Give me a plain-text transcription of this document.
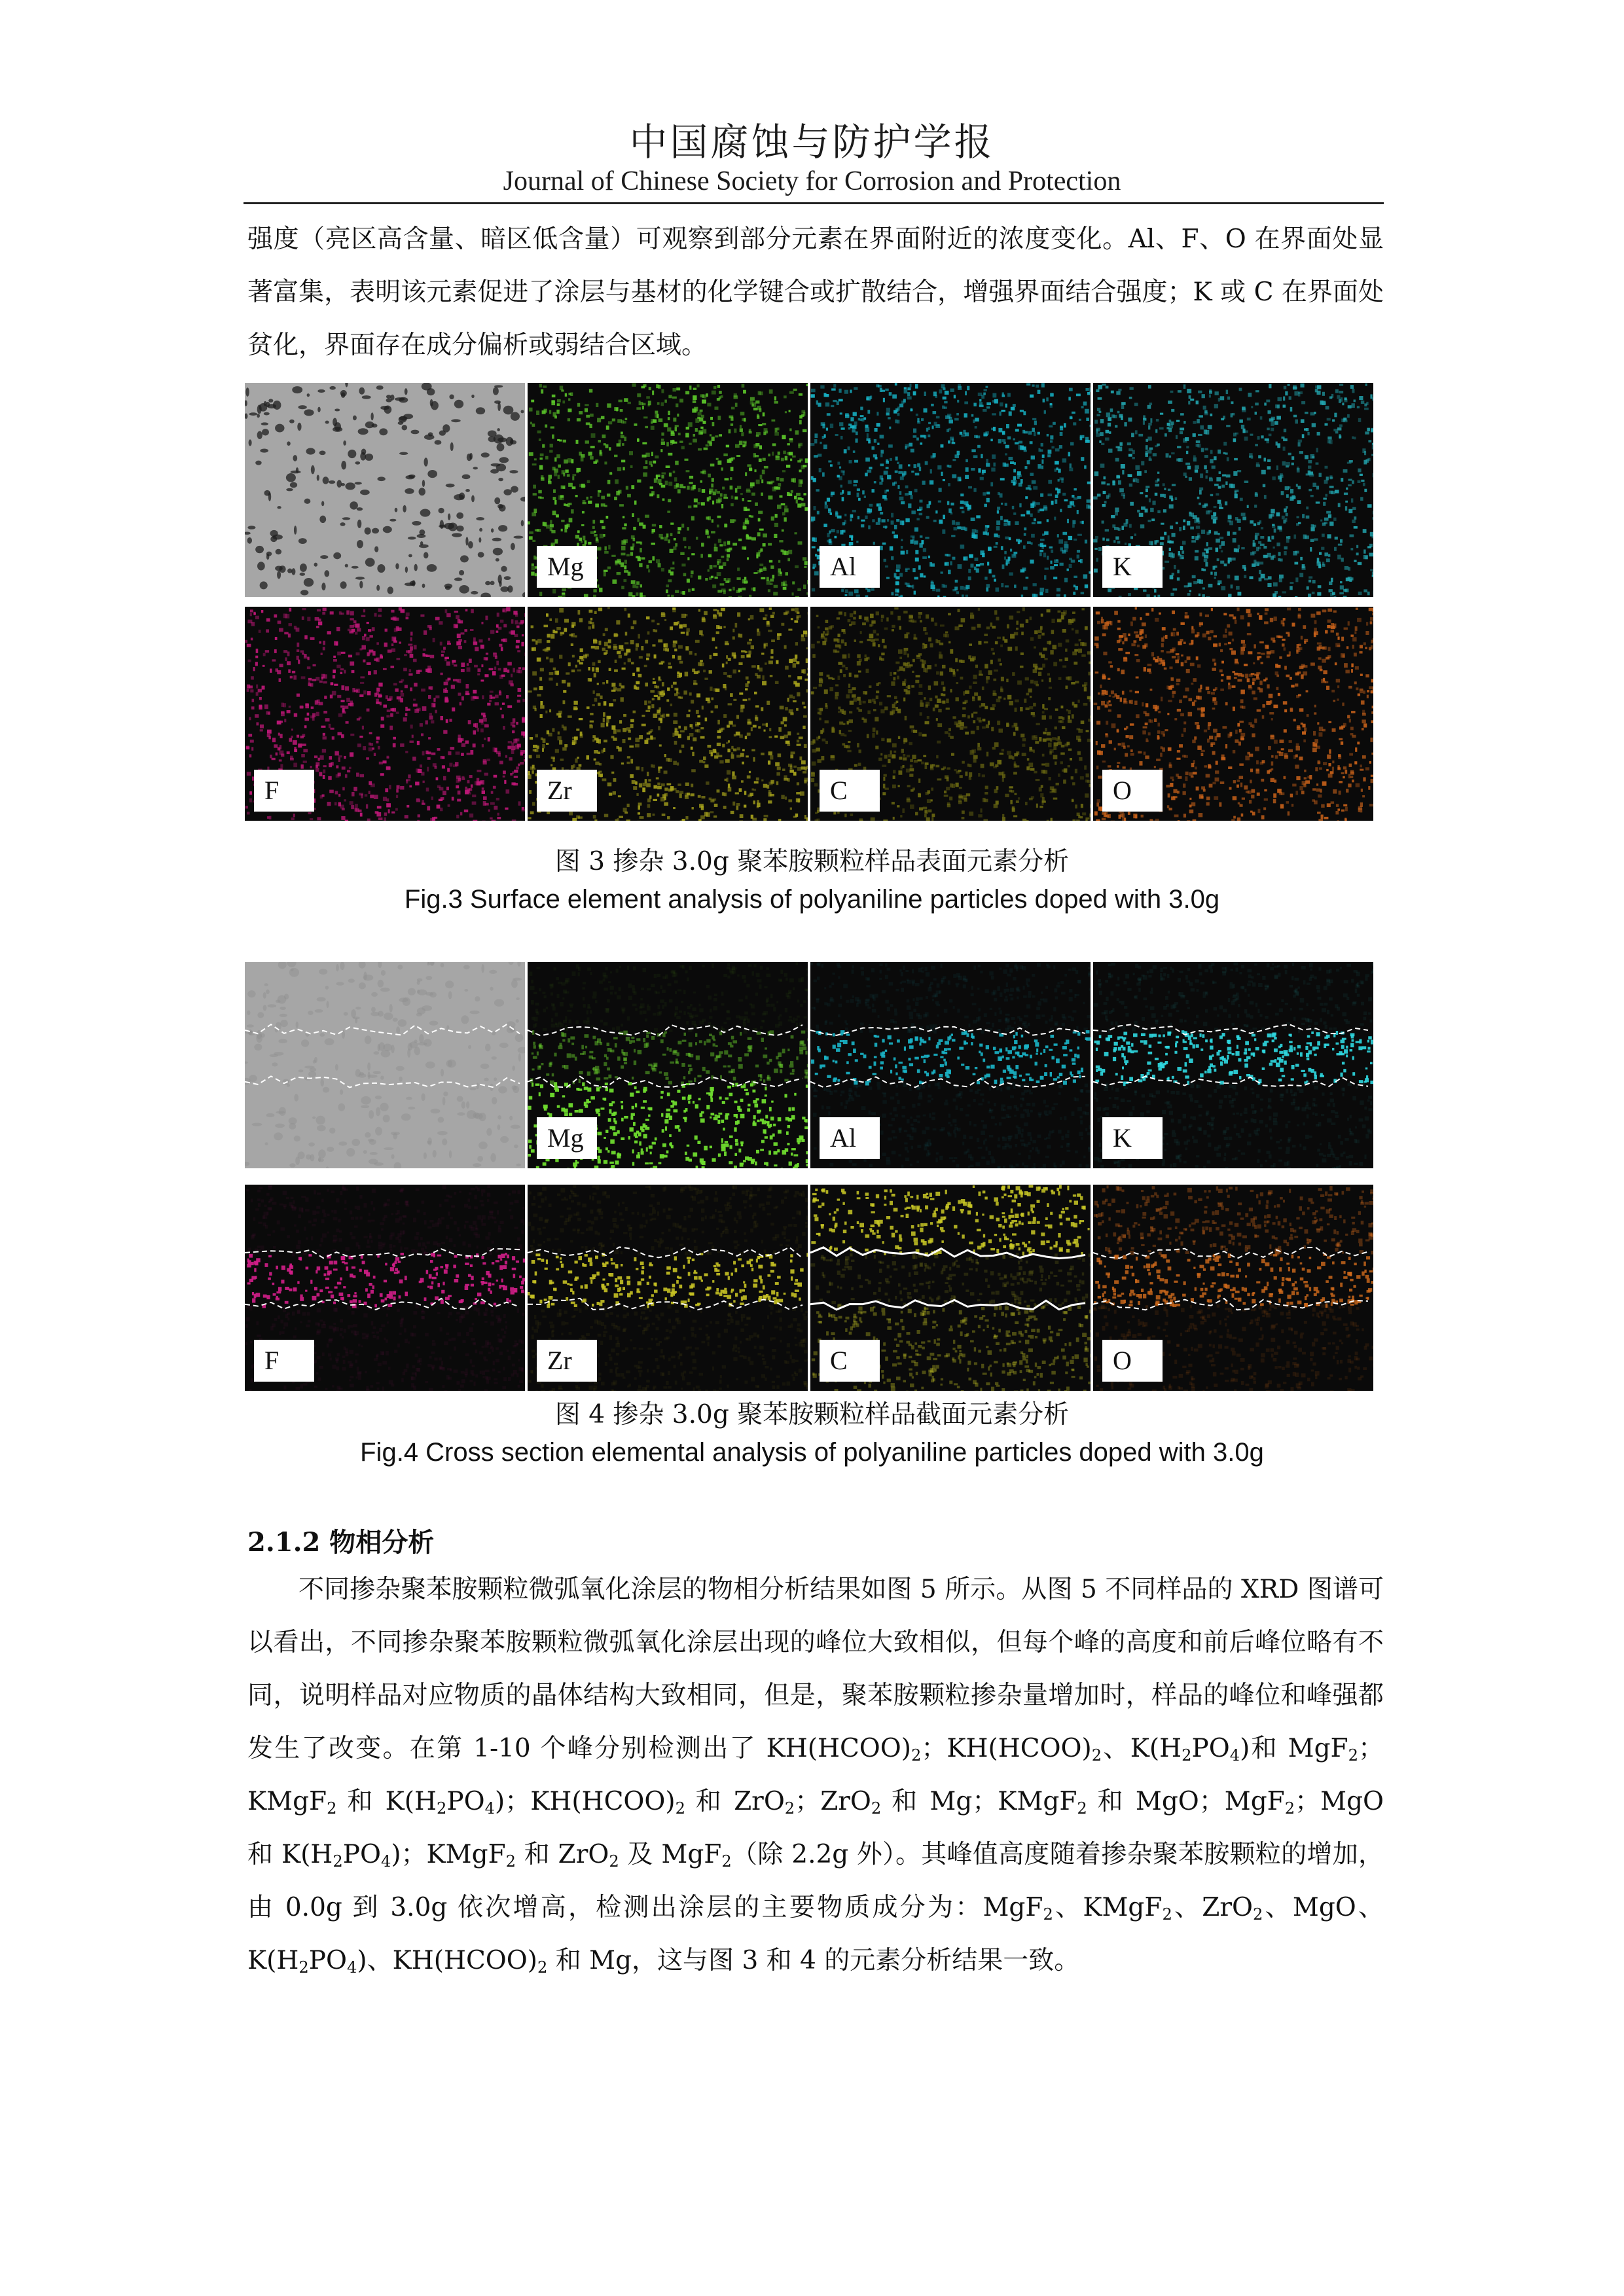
中国腐蚀与防护学报
Journal of Chinese Society for Corrosion and Protection

强度（亮区高含量、暗区低含量）可观察到部分元素在界面附近的浓度变化。Al、F、O 在界面处显著富集，表明该元素促进了涂层与基材的化学键合或扩散结合，增强界面结合强度；K 或 C 在界面处贫化，界面存在成分偏析或弱结合区域。

Mg	Al	K
F	Zr	C	O
图 3 掺杂 3.0g 聚苯胺颗粒样品表面元素分析
Fig.3 Surface element analysis of polyaniline particles doped with 3.0g
Mg	Al	K
F	Zr	C	O
图 4 掺杂 3.0g 聚苯胺颗粒样品截面元素分析
Fig.4 Cross section elemental analysis of polyaniline particles doped with 3.0g
2.1.2 物相分析

不同掺杂聚苯胺颗粒微弧氧化涂层的物相分析结果如图 5 所示。从图 5 不同样品的 XRD 图谱可以看出，不同掺杂聚苯胺颗粒微弧氧化涂层出现的峰位大致相似，但每个峰的高度和前后峰位略有不同，说明样品对应物质的晶体结构大致相同，但是，聚苯胺颗粒掺杂量增加时，样品的峰位和峰强都发生了改变。在第 1-10 个峰分别检测出了 $KH(HCOO)_2$；$KH(HCOO)_2$、$K(H_2PO_4)$和 MgF$_2$；KMgF$_2$ 和 $K(H_2PO_4)$；$KH(HCOO)_2$ 和 ZrO$_2$；ZrO$_2$ 和 Mg；KMgF$_2$ 和 MgO；MgF$_2$；MgO 和 $K(H_2PO_4)$；KMgF$_2$ 和 ZrO$_2$ 及 MgF$_2$（除 2.2g 外）。其峰值高度随着掺杂聚苯胺颗粒的增加，由 0.0g 到 3.0g 依次增高，检测出涂层的主要物质成分为：MgF$_2$、KMgF$_2$、ZrO$_2$、MgO、$K(H_2PO_4)$、$KH(HCOO)_2$ 和 Mg，这与图 3 和 4 的元素分析结果一致。
